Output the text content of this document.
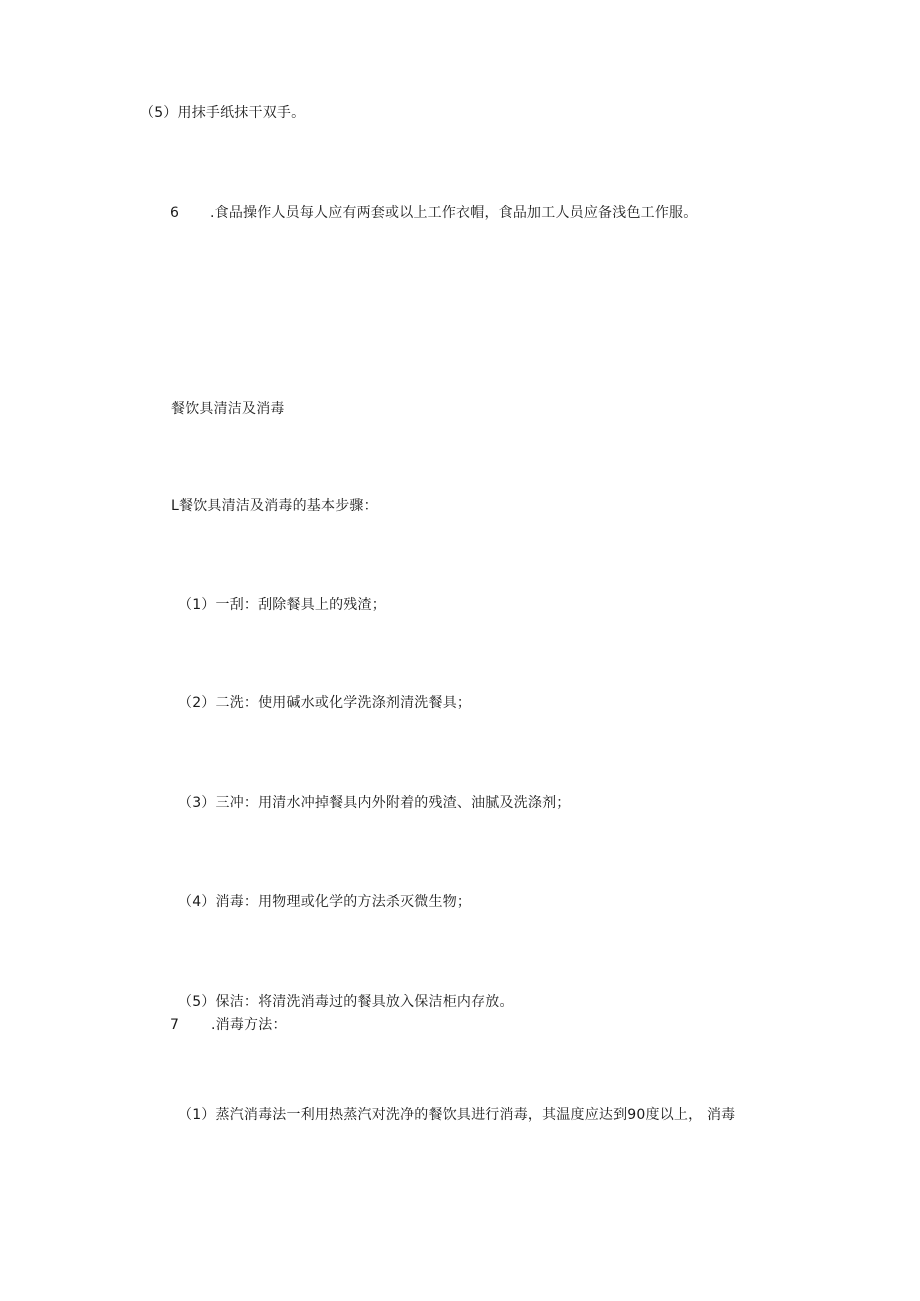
（5）用抹手纸抹干双手。
6 .食品操作人员每人应有两套或以上工作衣帽，食品加工人员应备浅色工作服。
餐饮具清洁及消毒
L餐饮具清洁及消毒的基本步骤：
（1）一刮：刮除餐具上的残渣；
（2）二洗：使用碱水或化学洗涤剂清洗餐具；
（3）三冲：用清水冲掉餐具内外附着的残渣、油腻及洗涤剂；
（4）消毒：用物理或化学的方法杀灭微生物；
（5）保洁：将清洗消毒过的餐具放入保洁柜内存放。
7 .消毒方法：
（1）蒸汽消毒法一利用热蒸汽对洗净的餐饮具进行消毒，其温度应达到90度以上， 消毒
